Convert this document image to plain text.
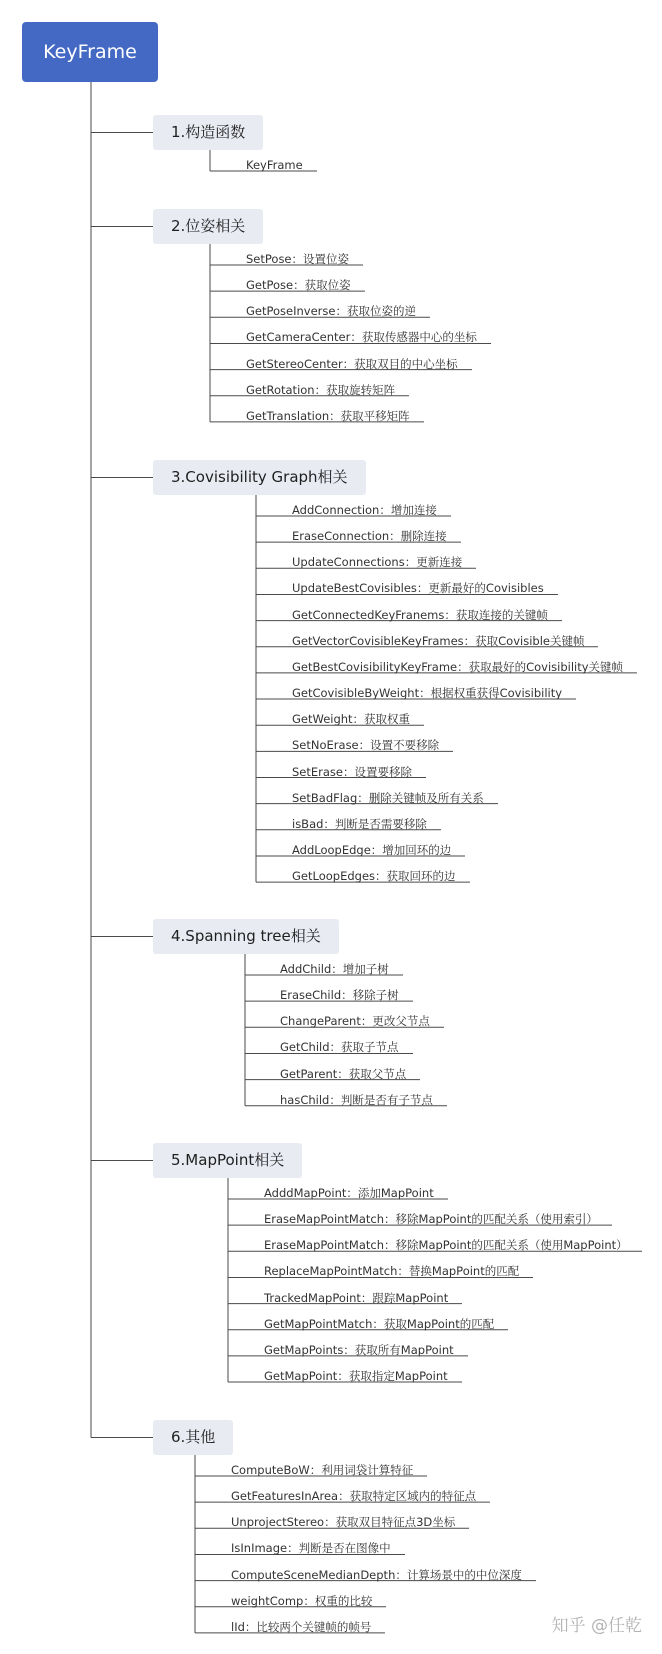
KeyFrame
1.构造函数
KeyFrame
2.位姿相关
SetPose：设置位姿
GetPose：获取位姿
GetPoseInverse：获取位姿的逆
GetCameraCenter：获取传感器中心的坐标
GetStereoCenter：获取双目的中心坐标
GetRotation：获取旋转矩阵
GetTranslation：获取平移矩阵
3.Covisibility Graph相关
AddConnection：增加连接
EraseConnection：删除连接
UpdateConnections：更新连接
UpdateBestCovisibles：更新最好的Covisibles
GetConnectedKeyFranems：获取连接的关键帧
GetVectorCovisibleKeyFrames：获取Covisible关键帧
GetBestCovisibilityKeyFrame：获取最好的Covisibility关键帧
GetCovisibleByWeight：根据权重获得Covisibility
GetWeight：获取权重
SetNoErase：设置不要移除
SetErase：设置要移除
SetBadFlag：删除关键帧及所有关系
isBad：判断是否需要移除
AddLoopEdge：增加回环的边
GetLoopEdges：获取回环的边
4.Spanning tree相关
AddChild：增加子树
EraseChild：移除子树
ChangeParent：更改父节点
GetChild：获取子节点
GetParent：获取父节点
hasChild：判断是否有子节点
5.MapPoint相关
AdddMapPoint：添加MapPoint
EraseMapPointMatch：移除MapPoint的匹配关系（使用索引）
EraseMapPointMatch：移除MapPoint的匹配关系（使用MapPoint）
ReplaceMapPointMatch：替换MapPoint的匹配
TrackedMapPoint：跟踪MapPoint
GetMapPointMatch：获取MapPoint的匹配
GetMapPoints：获取所有MapPoint
GetMapPoint：获取指定MapPoint
6.其他
ComputeBoW：利用词袋计算特征
GetFeaturesInArea：获取特定区域内的特征点
UnprojectStereo：获取双目特征点3D坐标
IsInImage：判断是否在图像中
ComputeSceneMedianDepth：计算场景中的中位深度
weightComp：权重的比较
lId：比较两个关键帧的帧号	知乎 @任乾
